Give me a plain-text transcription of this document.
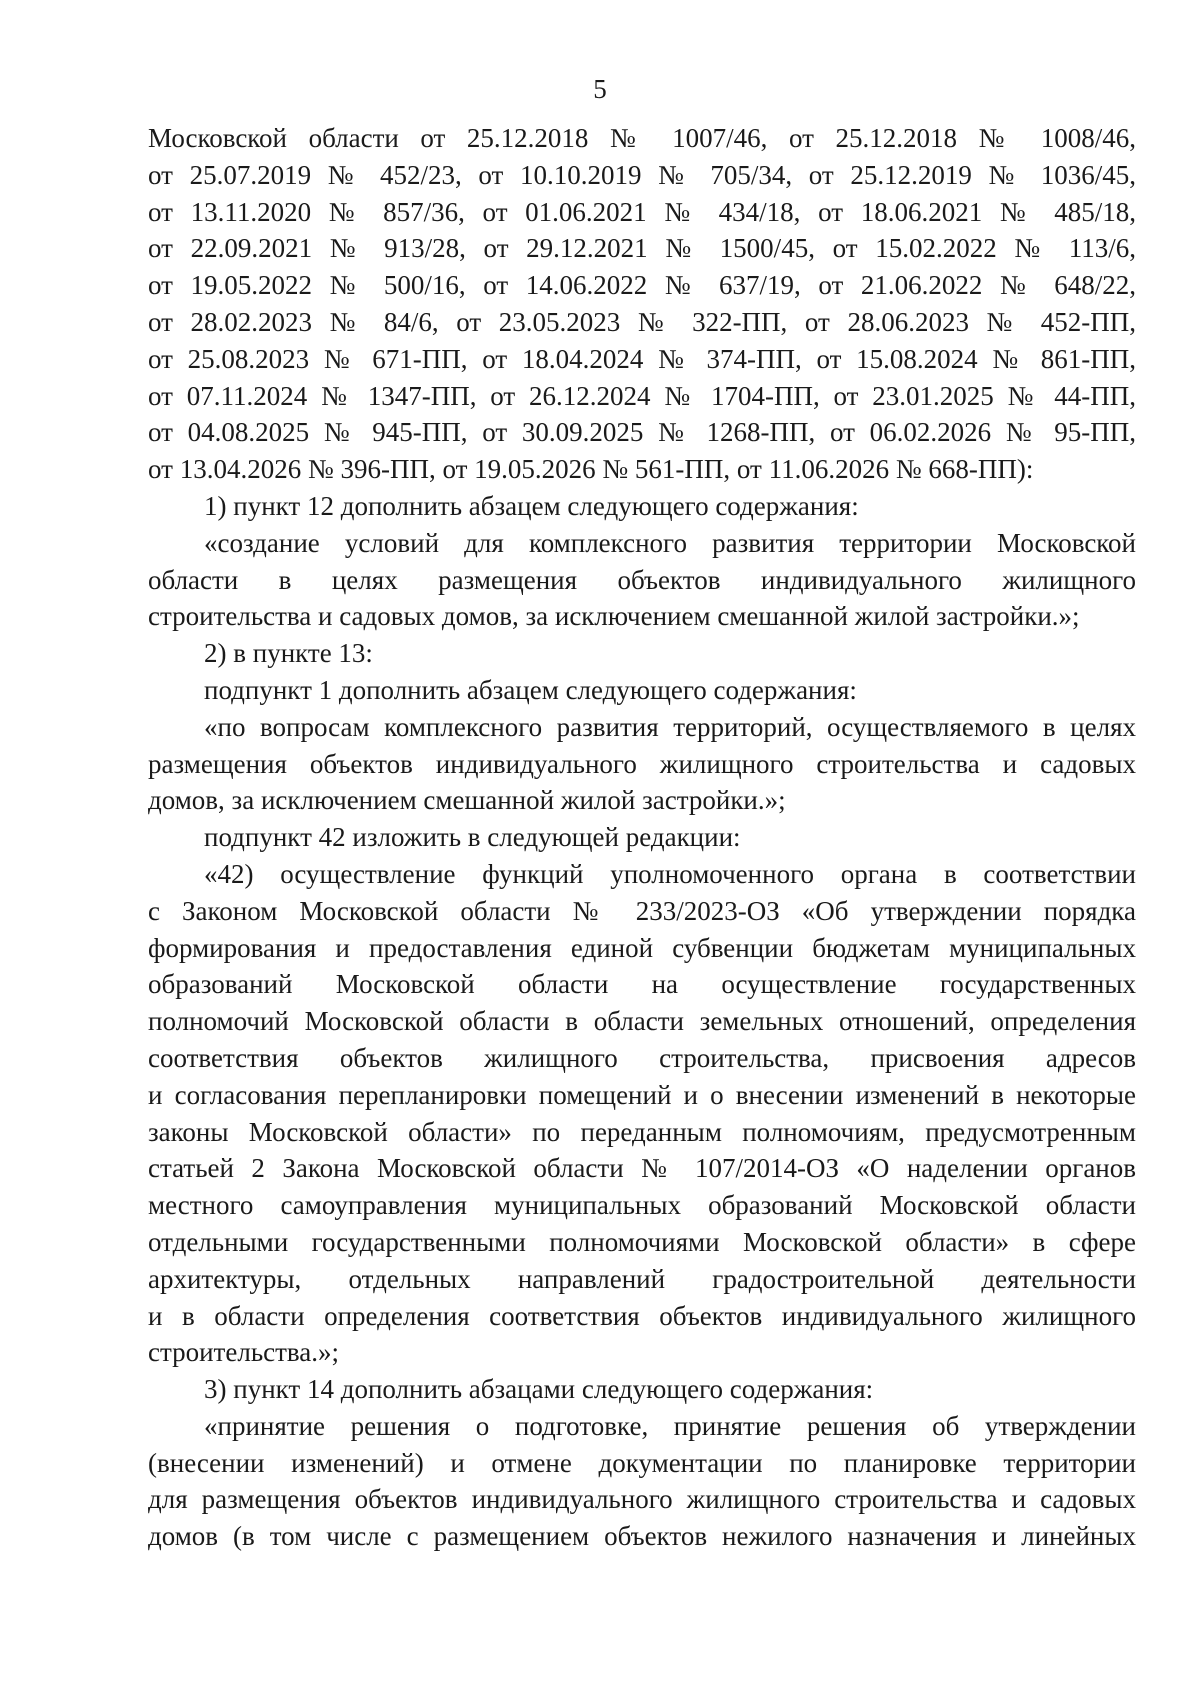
5

Московской области от 25.12.2018 № 1007/46, от 25.12.2018 № 1008/46,

от 25.07.2019 № 452/23, от 10.10.2019 № 705/34, от 25.12.2019 № 1036/45,

от 13.11.2020 № 857/36, от 01.06.2021 № 434/18, от 18.06.2021 № 485/18,

от 22.09.2021 № 913/28, от 29.12.2021 № 1500/45, от 15.02.2022 № 113/6,

от 19.05.2022 № 500/16, от 14.06.2022 № 637/19, от 21.06.2022 № 648/22,

от 28.02.2023 № 84/6, от 23.05.2023 № 322-ПП, от 28.06.2023 № 452-ПП,

от 25.08.2023 № 671-ПП, от 18.04.2024 № 374-ПП, от 15.08.2024 № 861-ПП,

от 07.11.2024 № 1347-ПП, от 26.12.2024 № 1704-ПП, от 23.01.2025 № 44-ПП,

от 04.08.2025 № 945-ПП, от 30.09.2025 № 1268-ПП, от 06.02.2026 № 95-ПП,

от 13.04.2026 № 396-ПП, от 19.05.2026 № 561-ПП, от 11.06.2026 № 668-ПП):

1) пункт 12 дополнить абзацем следующего содержания:

«создание условий для комплексного развития территории Московской

области в целях размещения объектов индивидуального жилищного

строительства и садовых домов, за исключением смешанной жилой застройки.»;

2) в пункте 13:

подпункт 1 дополнить абзацем следующего содержания:

«по вопросам комплексного развития территорий, осуществляемого в целях

размещения объектов индивидуального жилищного строительства и садовых

домов, за исключением смешанной жилой застройки.»;

подпункт 42 изложить в следующей редакции:

«42) осуществление функций уполномоченного органа в соответствии

с Законом Московской области № 233/2023-ОЗ «Об утверждении порядка

формирования и предоставления единой субвенции бюджетам муниципальных

образований Московской области на осуществление государственных

полномочий Московской области в области земельных отношений, определения

соответствия объектов жилищного строительства, присвоения адресов

и согласования перепланировки помещений и о внесении изменений в некоторые

законы Московской области» по переданным полномочиям, предусмотренным

статьей 2 Закона Московской области № 107/2014-ОЗ «О наделении органов

местного самоуправления муниципальных образований Московской области

отдельными государственными полномочиями Московской области» в сфере

архитектуры, отдельных направлений градостроительной деятельности

и в области определения соответствия объектов индивидуального жилищного

строительства.»;

3) пункт 14 дополнить абзацами следующего содержания:

«принятие решения о подготовке, принятие решения об утверждении

(внесении изменений) и отмене документации по планировке территории

для размещения объектов индивидуального жилищного строительства и садовых

домов (в том числе с размещением объектов нежилого назначения и линейных
